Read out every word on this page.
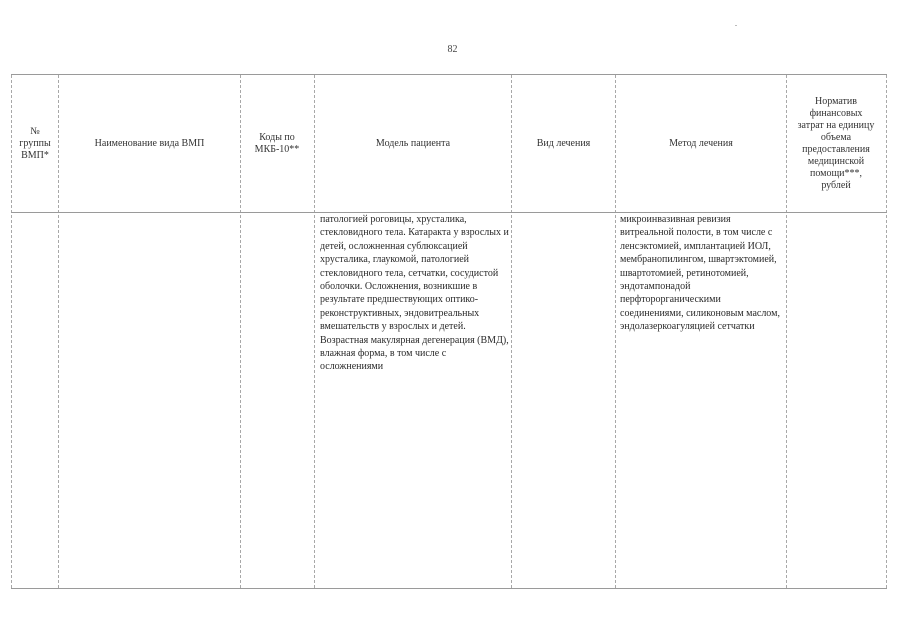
82
№ группы ВМП*
Наименование вида ВМП
Коды по МКБ-10**
Модель пациента	Вид лечения	Метод лечения
Норматив финансовых затрат на единицу объема предоставления медицинской помощи***, рублей
патологией роговицы, хрусталика, стекловидного тела. Катаракта у взрослых и детей, осложненная сублюксацией хрусталика, глаукомой, патологией стекловидного тела, сетчатки, сосудистой оболочки. Осложнения, возникшие в результате предшествующих оптико-реконструктивных, эндовитреальных вмешательств у взрослых и детей. Возрастная макулярная дегенерация (ВМД), влажная форма, в том числе с осложнениями
микроинвазивная ревизия витреальной полости, в том числе с ленсэктомией, имплантацией ИОЛ, мембранопилингом, швартэктомией, швартотомией, ретинотомией, эндотампонадой перфторорганическими соединениями, силиконовым маслом, эндолазеркоагуляцией сетчатки
